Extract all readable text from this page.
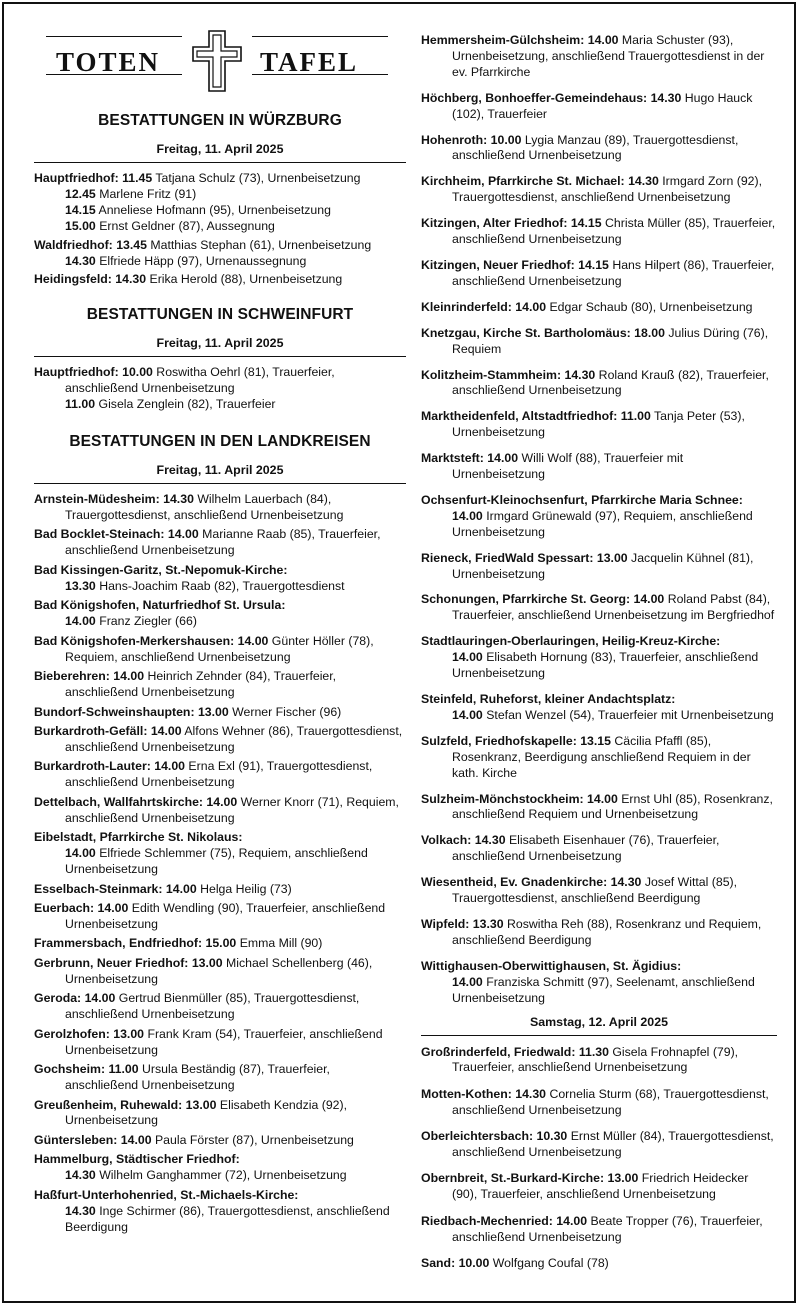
TOTEN	TAFEL

BESTATTUNGEN IN WÜRZBURG

Freitag, 11. April 2025

Hauptfriedhof: 11.45 Tatjana Schulz (73), Urnenbeisetzung

12.45 Marlene Fritz (91)

14.15 Anneliese Hofmann (95), Urnenbeisetzung

15.00 Ernst Geldner (87), Aussegnung

Waldfriedhof: 13.45 Matthias Stephan (61), Urnenbeisetzung

14.30 Elfriede Häpp (97), Urnenaussegnung

Heidingsfeld: 14.30 Erika Herold (88), Urnenbeisetzung

BESTATTUNGEN IN SCHWEINFURT

Freitag, 11. April 2025

Hauptfriedhof: 10.00 Roswitha Oehrl (81), Trauerfeier, anschließend Urnenbeisetzung

11.00 Gisela Zenglein (82), Trauerfeier

BESTATTUNGEN IN DEN LANDKREISEN

Freitag, 11. April 2025

Arnstein-Müdesheim: 14.30 Wilhelm Lauerbach (84), Trauergottesdienst, anschließend Urnenbeisetzung

Bad Bocklet-Steinach: 14.00 Marianne Raab (85), Trauerfeier, anschließend Urnenbeisetzung

Bad Kissingen-Garitz, St.-Nepomuk-Kirche:
13.30 Hans-Joachim Raab (82), Trauergottesdienst

Bad Königshofen, Naturfriedhof St. Ursula:
14.00 Franz Ziegler (66)

Bad Königshofen-Merkershausen: 14.00 Günter Höller (78), Requiem, anschließend Urnenbeisetzung

Bieberehren: 14.00 Heinrich Zehnder (84), Trauerfeier, anschließend Urnenbeisetzung

Bundorf-Schweinshaupten: 13.00 Werner Fischer (96)

Burkardroth-Gefäll: 14.00 Alfons Wehner (86), Trauergottesdienst, anschließend Urnenbeisetzung

Burkardroth-Lauter: 14.00 Erna Exl (91), Trauergottesdienst, anschließend Urnenbeisetzung

Dettelbach, Wallfahrtskirche: 14.00 Werner Knorr (71), Requiem, anschließend Urnenbeisetzung

Eibelstadt, Pfarrkirche St. Nikolaus:
14.00 Elfriede Schlemmer (75), Requiem, anschließend Urnenbeisetzung

Esselbach-Steinmark: 14.00 Helga Heilig (73)

Euerbach: 14.00 Edith Wendling (90), Trauerfeier, anschließend Urnenbeisetzung

Frammersbach, Endfriedhof: 15.00 Emma Mill (90)

Gerbrunn, Neuer Friedhof: 13.00 Michael Schellenberg (46), Urnenbeisetzung

Geroda: 14.00 Gertrud Bienmüller (85), Trauergottesdienst, anschließend Urnenbeisetzung

Gerolzhofen: 13.00 Frank Kram (54), Trauerfeier, anschließend Urnenbeisetzung

Gochsheim: 11.00 Ursula Beständig (87), Trauerfeier, anschließend Urnenbeisetzung

Greußenheim, Ruhewald: 13.00 Elisabeth Kendzia (92), Urnenbeisetzung

Güntersleben: 14.00 Paula Förster (87), Urnenbeisetzung

Hammelburg, Städtischer Friedhof:
14.30 Wilhelm Ganghammer (72), Urnenbeisetzung

Haßfurt-Unterhohenried, St.-Michaels-Kirche:
14.30 Inge Schirmer (86), Trauergottesdienst, anschließend Beerdigung

Hemmersheim-Gülchsheim: 14.00 Maria Schuster (93), Urnenbeisetzung, anschließend Trauergottesdienst in der ev. Pfarrkirche

Höchberg, Bonhoeffer-Gemeindehaus: 14.30 Hugo Hauck (102), Trauerfeier

Hohenroth: 10.00 Lygia Manzau (89), Trauergottesdienst, anschließend Urnenbeisetzung

Kirchheim, Pfarrkirche St. Michael: 14.30 Irmgard Zorn (92), Trauergottesdienst, anschließend Urnenbeisetzung

Kitzingen, Alter Friedhof: 14.15 Christa Müller (85), Trauerfeier, anschließend Urnenbeisetzung

Kitzingen, Neuer Friedhof: 14.15 Hans Hilpert (86), Trauerfeier, anschließend Urnenbeisetzung

Kleinrinderfeld: 14.00 Edgar Schaub (80), Urnenbeisetzung

Knetzgau, Kirche St. Bartholomäus: 18.00 Julius Düring (76), Requiem

Kolitzheim-Stammheim: 14.30 Roland Krauß (82), Trauerfeier, anschließend Urnenbeisetzung

Marktheidenfeld, Altstadtfriedhof: 11.00 Tanja Peter (53), Urnenbeisetzung

Marktsteft: 14.00 Willi Wolf (88), Trauerfeier mit Urnenbeisetzung

Ochsenfurt-Kleinochsenfurt, Pfarrkirche Maria Schnee:
14.00 Irmgard Grünewald (97), Requiem, anschließend Urnenbeisetzung

Rieneck, FriedWald Spessart: 13.00 Jacquelin Kühnel (81), Urnenbeisetzung

Schonungen, Pfarrkirche St. Georg: 14.00 Roland Pabst (84), Trauerfeier, anschließend Urnenbeisetzung im Bergfriedhof

Stadtlauringen-Oberlauringen, Heilig-Kreuz-Kirche:
14.00 Elisabeth Hornung (83), Trauerfeier, anschließend Urnenbeisetzung

Steinfeld, Ruheforst, kleiner Andachtsplatz:
14.00 Stefan Wenzel (54), Trauerfeier mit Urnenbeisetzung

Sulzfeld, Friedhofskapelle: 13.15 Cäcilia Pfaffl (85), Rosenkranz, Beerdigung anschließend Requiem in der kath. Kirche

Sulzheim-Mönchstockheim: 14.00 Ernst Uhl (85), Rosenkranz, anschließend Requiem und Urnenbeisetzung

Volkach: 14.30 Elisabeth Eisenhauer (76), Trauerfeier, anschließend Urnenbeisetzung

Wiesentheid, Ev. Gnadenkirche: 14.30 Josef Wittal (85), Trauergottesdienst, anschließend Beerdigung

Wipfeld: 13.30 Roswitha Reh (88), Rosenkranz und Requiem, anschließend Beerdigung

Wittighausen-Oberwittighausen, St. Ägidius:
14.00 Franziska Schmitt (97), Seelenamt, anschließend Urnenbeisetzung

Samstag, 12. April 2025

Großrinderfeld, Friedwald: 11.30 Gisela Frohnapfel (79), Trauerfeier, anschließend Urnenbeisetzung

Motten-Kothen: 14.30 Cornelia Sturm (68), Trauergottesdienst, anschließend Urnenbeisetzung

Oberleichtersbach: 10.30 Ernst Müller (84), Trauergottesdienst, anschließend Urnenbeisetzung

Obernbreit, St.-Burkard-Kirche: 13.00 Friedrich Heidecker (90), Trauerfeier, anschließend Urnenbeisetzung

Riedbach-Mechenried: 14.00 Beate Tropper (76), Trauerfeier, anschließend Urnenbeisetzung

Sand: 10.00 Wolfgang Coufal (78)
